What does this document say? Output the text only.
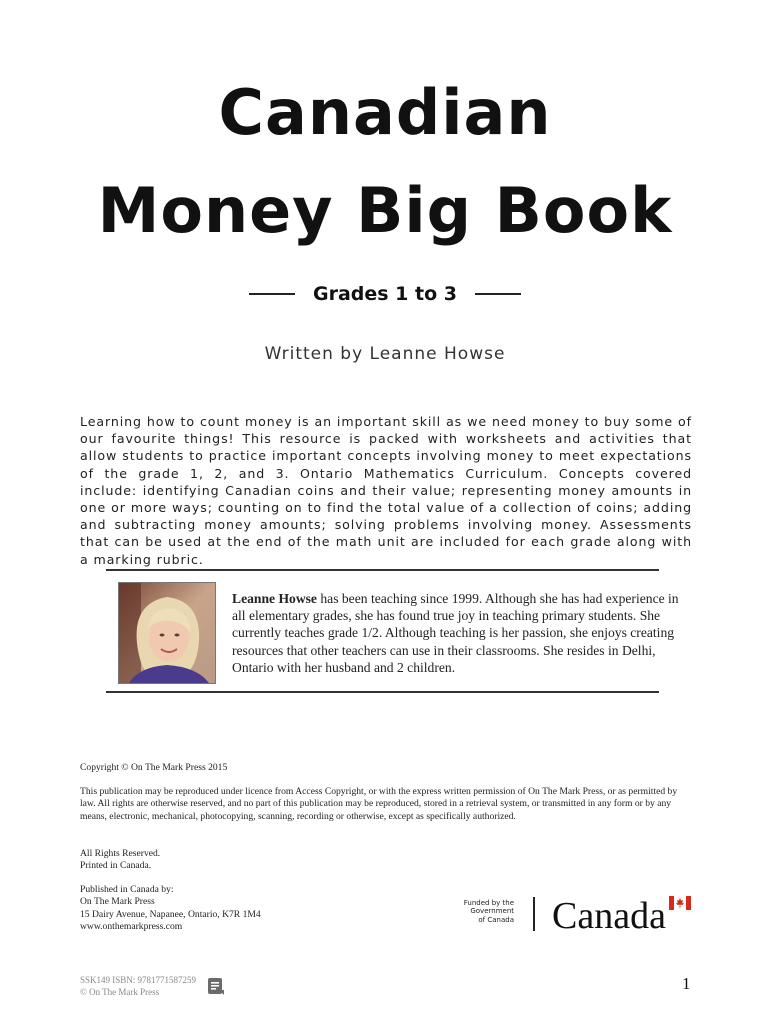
Canadian
Money Big Book
Grades 1 to 3
Written by Leanne Howse

Learning how to count money is an important skill as we need money to buy some of our favourite things! This resource is packed with worksheets and activities that allow students to practice important concepts involving money to meet expectations of the grade 1, 2, and 3. Ontario Mathematics Curriculum. Concepts covered include: identifying Canadian coins and their value; representing money amounts in one or more ways; counting on to find the total value of a collection of coins; adding and subtracting money amounts; solving problems involving money. Assessments that can be used at the end of the math unit are included for each grade along with a marking rubric.

Leanne Howse has been teaching since 1999. Although she has had experience in all elementary grades, she has found true joy in teaching primary students. She currently teaches grade 1/2. Although teaching is her passion, she enjoys creating resources that other teachers can use in their classrooms. She resides in Delhi, Ontario with her husband and 2 children.

Copyright © On The Mark Press 2015

This publication may be reproduced under licence from Access Copyright, or with the express written permission of On The Mark Press, or as permitted by law. All rights are otherwise reserved, and no part of this publication may be reproduced, stored in a retrieval system, or transmitted in any form or by any means, electronic, mechanical, photocopying, scanning, recording or otherwise, except as specifically authorized.

All Rights Reserved.
Printed in Canada.

Published in Canada by:
On The Mark Press
15 Dairy Avenue, Napanee, Ontario, K7R 1M4
www.onthemarkpress.com

Funded by the
Government
of Canada Canada
SSK149 ISBN: 9781771587259
© On The Mark Press	1
